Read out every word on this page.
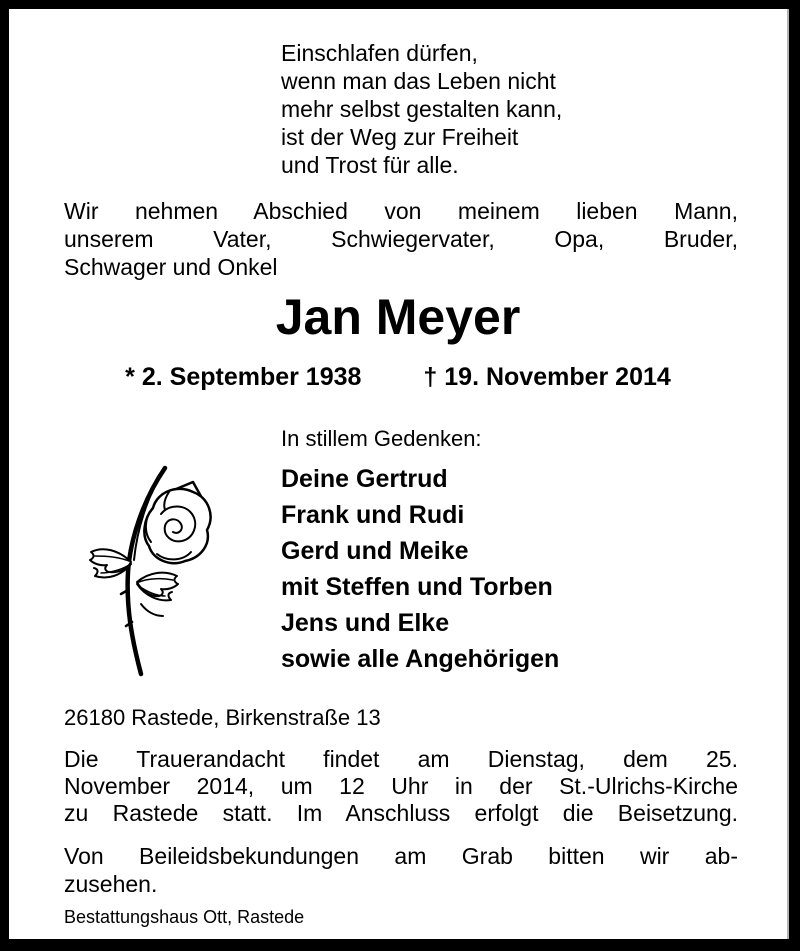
Einschlafen dürfen,
wenn man das Leben nicht
mehr selbst gestalten kann,
ist der Weg zur Freiheit
und Trost für alle.
Wir nehmen Abschied von meinem lieben Mann,
unserem Vater, Schwiegervater, Opa, Bruder,
Schwager und Onkel
Jan Meyer
* 2. September 1938 † 19. November 2014
In stillem Gedenken:
Deine Gertrud
Frank und Rudi
Gerd und Meike
mit Steffen und Torben
Jens und Elke
sowie alle Angehörigen
26180 Rastede, Birkenstraße 13
Die Trauerandacht findet am Dienstag, dem 25.
November 2014, um 12 Uhr in der St.-Ulrichs-Kirche
zu Rastede statt. Im Anschluss erfolgt die Beisetzung.
Von Beileidsbekundungen am Grab bitten wir ab-
zusehen.
Bestattungshaus Ott, Rastede
